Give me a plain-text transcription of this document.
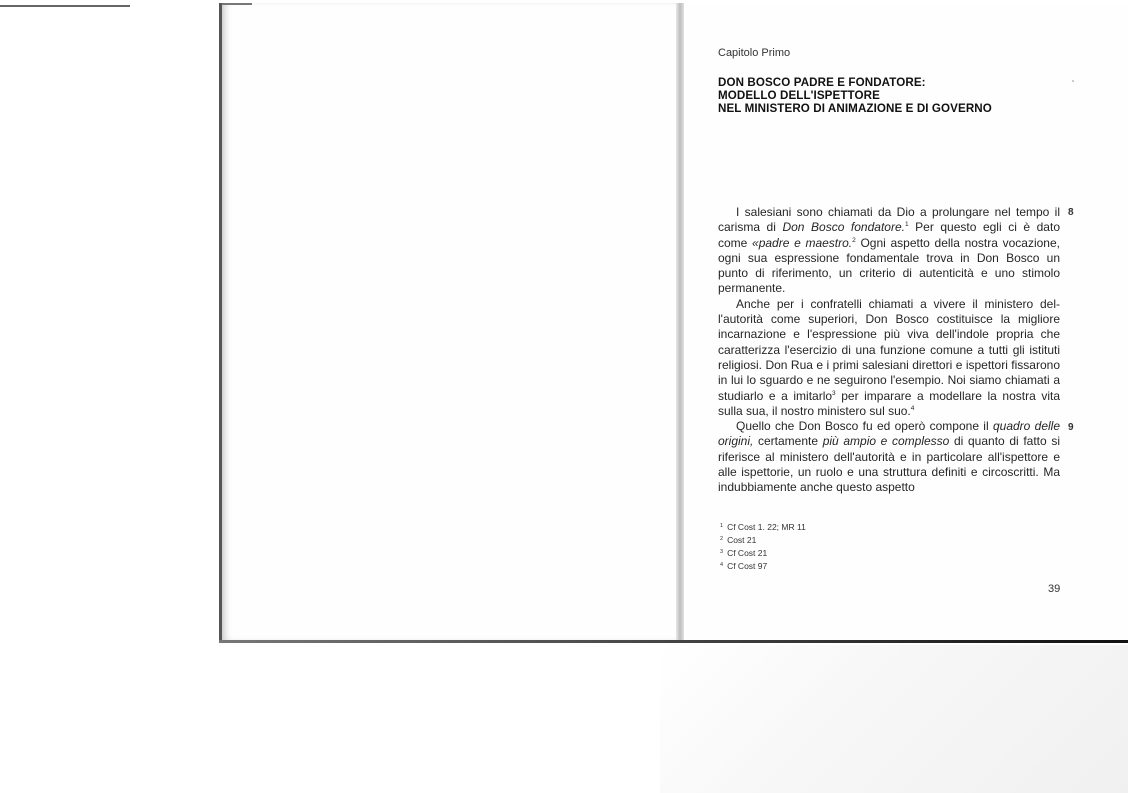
Capitolo Primo
DON BOSCO PADRE E FONDATORE:
MODELLO DELL'ISPETTORE
NEL MINISTERO DI ANIMAZIONE E DI GOVERNO

I salesiani sono chiamati da Dio a prolungare nel tempo il carisma di Don Bosco fondatore.$^1$ Per questo egli ci è dato come «padre e maestro.$^2$ Ogni aspetto della nostra vocazione, ogni sua espressione fondamentale trova in Don Bosco un punto di riferimento, un criterio di autenticità e uno stimolo permanente.

Anche per i confratelli chiamati a vivere il ministero dell'autorità come superiori, Don Bosco costituisce la migliore incarnazione e l'espressione più viva dell'indole propria che caratterizza l'esercizio di una funzione comune a tutti gli istituti religiosi. Don Rua e i primi salesiani direttori e ispettori fissarono in lui lo sguardo e ne seguirono l'esempio. Noi siamo chiamati a studiarlo e a imitarlo$^3$ per imparare a modellare la nostra vita sulla sua, il nostro ministero sul suo.$^4$

Quello che Don Bosco fu ed operò compone il quadro delle origini, certamente più ampio e complesso di quanto di fatto si riferisce al ministero dell'autorità e in particolare all'ispettore e alle ispettorie, un ruolo e una struttura definiti e circoscritti. Ma indubbiamente anche questo aspetto

8
9
$^1$ Cf Cost 1. 22; MR 11
$^2$ Cost 21
$^3$ Cf Cost 21
$^4$ Cf Cost 97
39
